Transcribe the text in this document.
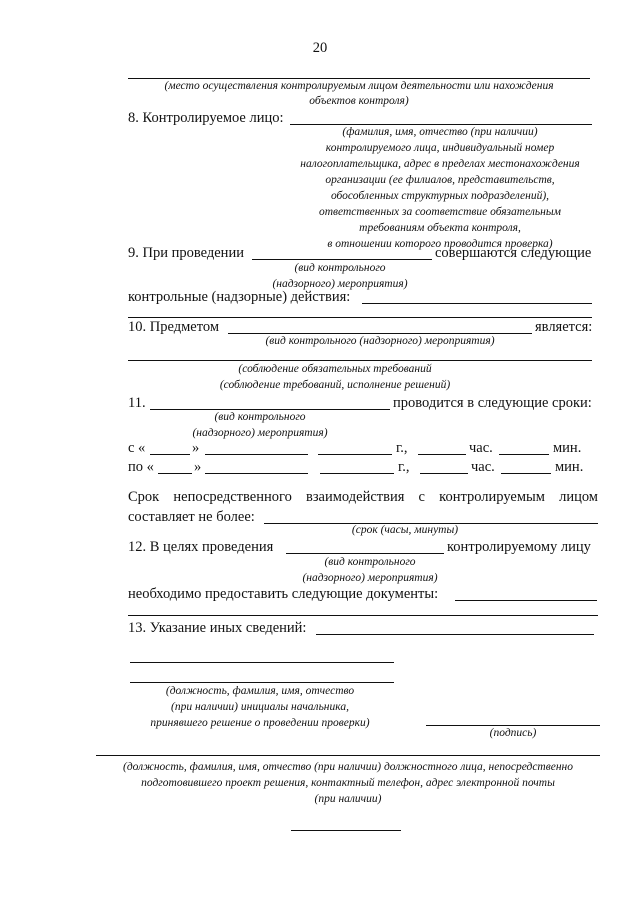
20
(место осуществления контролируемым лицом деятельности или нахождения
объектов контроля)
8. Контролируемое лицо:
(фамилия, имя, отчество (при наличии)
контролируемого лица, индивидуальный номер
налогоплательщика, адрес в пределах местонахождения
организации (ее филиалов, представительств,
обособленных структурных подразделений),
ответственных за соответствие обязательным
требованиям объекта контроля,
в отношении которого проводится проверка)
9. При проведении	совершаются следующие
(вид контрольного
(надзорного) мероприятия)
контрольные (надзорные) действия:
10. Предметом	является:
(вид контрольного (надзорного) мероприятия)
(соблюдение обязательных требований
(соблюдение требований, исполнение решений)
11.	проводится в следующие сроки:
(вид контрольного
(надзорного) мероприятия)
с «	»	г.,	час.	мин.
по «	»	г.,	час.	мин.
Срок непосредственного взаимодействия с контролируемым лицом
составляет не более:
(срок (часы, минуты)
12. В целях проведения	контролируемому лицу
(вид контрольного
(надзорного) мероприятия)
необходимо предоставить следующие документы:
13. Указание иных сведений:
(должность, фамилия, имя, отчество
(при наличии) инициалы начальника,
принявшего решение о проведении проверки)
(подпись)
(должность, фамилия, имя, отчество (при наличии) должностного лица, непосредственно
подготовившего проект решения, контактный телефон, адрес электронной почты
(при наличии)
